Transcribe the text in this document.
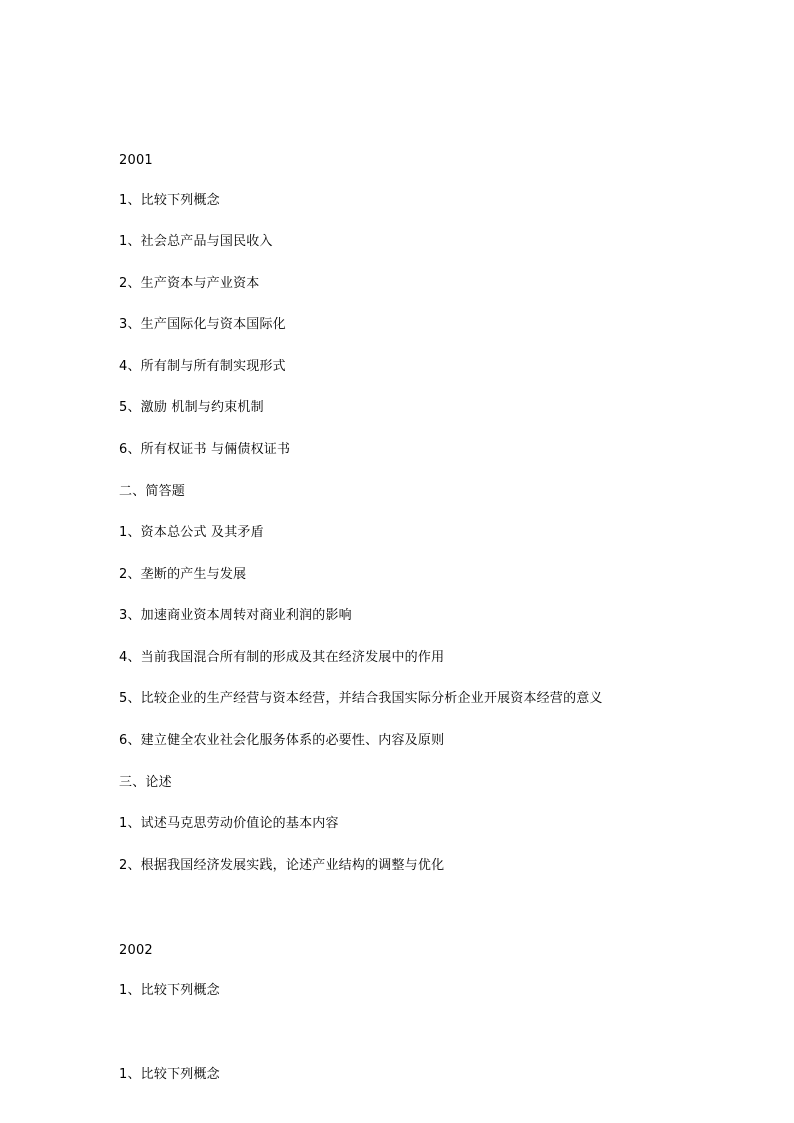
2001
1、比较下列概念
1、社会总产品与国民收入
2、生产资本与产业资本
3、生产国际化与资本国际化
4、所有制与所有制实现形式
5、激励 机制与约束机制
6、所有权证书 与倆债权证书
二、简答题
1、资本总公式 及其矛盾
2、垄断的产生与发展
3、加速商业资本周转对商业利润的影响
4、当前我国混合所有制的形成及其在经济发展中的作用
5、比较企业的生产经营与资本经营，并结合我国实际分析企业开展资本经营的意义
6、建立健全农业社会化服务体系的必要性、内容及原则
三、论述
1、试述马克思劳动价值论的基本内容
2、根据我国经济发展实践，论述产业结构的调整与优化
2002
1、比较下列概念
1、比较下列概念
